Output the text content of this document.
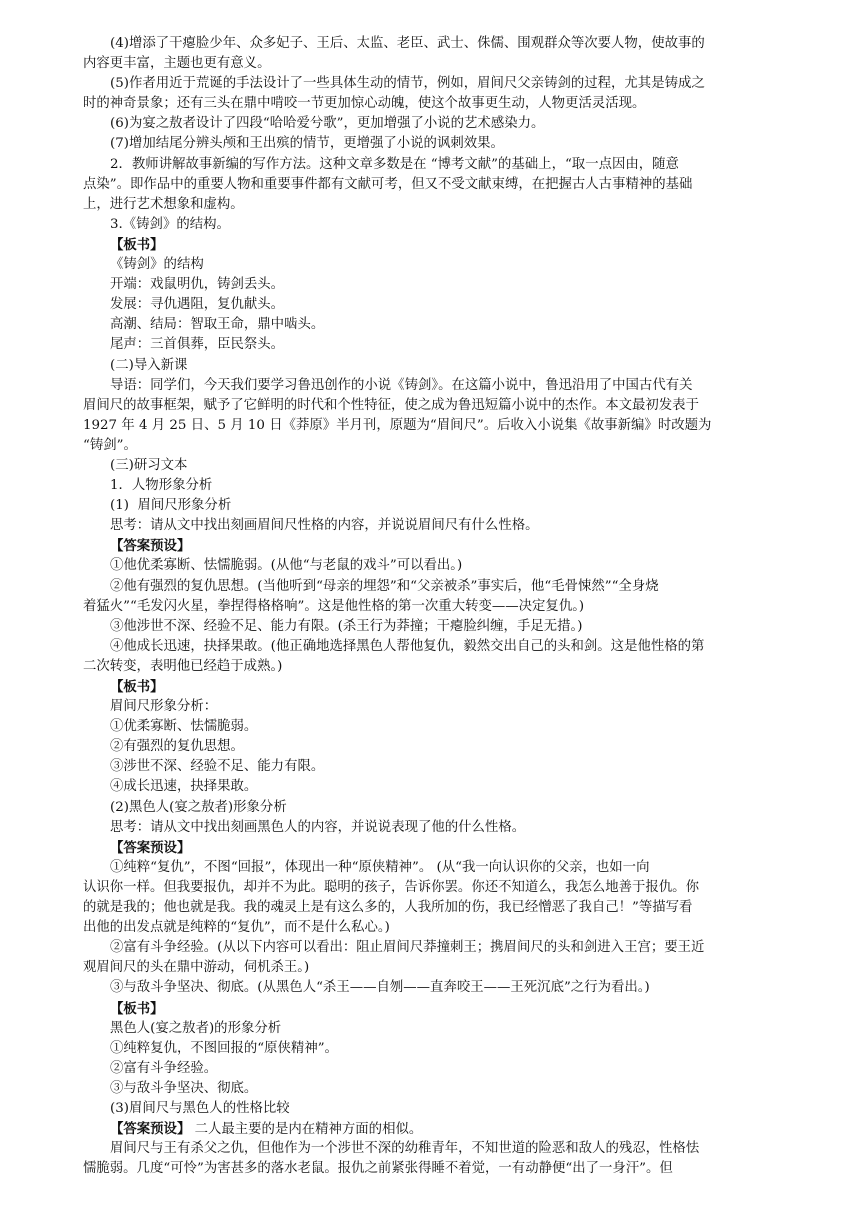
(4)增添了干瘪脸少年、众多妃子、王后、太监、老臣、武士、侏儒、围观群众等次要人物，使故事的
内容更丰富，主题也更有意义。
(5)作者用近于荒诞的手法设计了一些具体生动的情节，例如，眉间尺父亲铸剑的过程，尤其是铸成之
时的神奇景象；还有三头在鼎中啃咬一节更加惊心动魄，使这个故事更生动，人物更活灵活现。
(6)为宴之敖者设计了四段“哈哈爱兮歌”，更加增强了小说的艺术感染力。
(7)增加结尾分辨头颅和王出殡的情节，更增强了小说的讽刺效果。
2．教师讲解故事新编的写作方法。这种文章多数是在 “博考文献”的基础上，“取一点因由，随意
点染”。即作品中的重要人物和重要事件都有文献可考，但又不受文献束缚，在把握古人古事精神的基础
上，进行艺术想象和虚构。
3.《铸剑》的结构。
【板书】
《铸剑》的结构
开端：戏鼠明仇，铸剑丢头。
发展：寻仇遇阻，复仇献头。
高潮、结局：智取王命，鼎中啮头。
尾声：三首俱葬，臣民祭头。
(二)导入新课
导语：同学们，今天我们要学习鲁迅创作的小说《铸剑》。在这篇小说中，鲁迅沿用了中国古代有关
眉间尺的故事框架，赋予了它鲜明的时代和个性特征，使之成为鲁迅短篇小说中的杰作。本文最初发表于
1927 年 4 月 25 日、5 月 10 日《莽原》半月刊，原题为“眉间尺”。后收入小说集《故事新编》时改题为
“铸剑”。
(三)研习文本
1．人物形象分析
(1)  眉间尺形象分析
思考：请从文中找出刻画眉间尺性格的内容，并说说眉间尺有什么性格。
【答案预设】
①他优柔寡断、怯懦脆弱。(从他“与老鼠的戏斗”可以看出。)
②他有强烈的复仇思想。(当他听到“母亲的埋怨”和“父亲被杀”事实后，他“毛骨悚然”“全身烧
着猛火”“毛发闪火星，拳捏得格格响”。这是他性格的第一次重大转变——决定复仇。)
③他涉世不深、经验不足、能力有限。(杀王行为莽撞；干瘪脸纠缠，手足无措。)
④他成长迅速，抉择果敢。(他正确地选择黑色人帮他复仇，毅然交出自己的头和剑。这是他性格的第
二次转变，表明他已经趋于成熟。)
【板书】
眉间尺形象分析：
①优柔寡断、怯懦脆弱。
②有强烈的复仇思想。
③涉世不深、经验不足、能力有限。
④成长迅速，抉择果敢。
(2)黑色人(宴之敖者)形象分析
思考：请从文中找出刻画黑色人的内容，并说说表现了他的什么性格。
【答案预设】
①纯粹“复仇”，不图“回报”，体现出一种“原侠精神”。 (从“我一向认识你的父亲，也如一向
认识你一样。但我要报仇，却并不为此。聪明的孩子，告诉你罢。你还不知道么，我怎么地善于报仇。你
的就是我的；他也就是我。我的魂灵上是有这么多的，人我所加的伤，我已经憎恶了我自己！”等描写看
出他的出发点就是纯粹的“复仇”，而不是什么私心。)
②富有斗争经验。(从以下内容可以看出：阻止眉间尺莽撞刺王；携眉间尺的头和剑进入王宫；要王近
观眉间尺的头在鼎中游动，伺机杀王。)
③与敌斗争坚决、彻底。(从黑色人“杀王——自刎——直奔咬王——王死沉底”之行为看出。)
【板书】
黑色人(宴之敖者)的形象分析
①纯粹复仇，不图回报的“原侠精神”。
②富有斗争经验。
③与敌斗争坚决、彻底。
(3)眉间尺与黑色人的性格比较
【答案预设】 二人最主要的是内在精神方面的相似。
眉间尺与王有杀父之仇，但他作为一个涉世不深的幼稚青年，不知世道的险恶和敌人的残忍，性格怯
懦脆弱。几度“可怜”为害甚多的落水老鼠。报仇之前紧张得睡不着觉，一有动静便“出了一身汗”。但
